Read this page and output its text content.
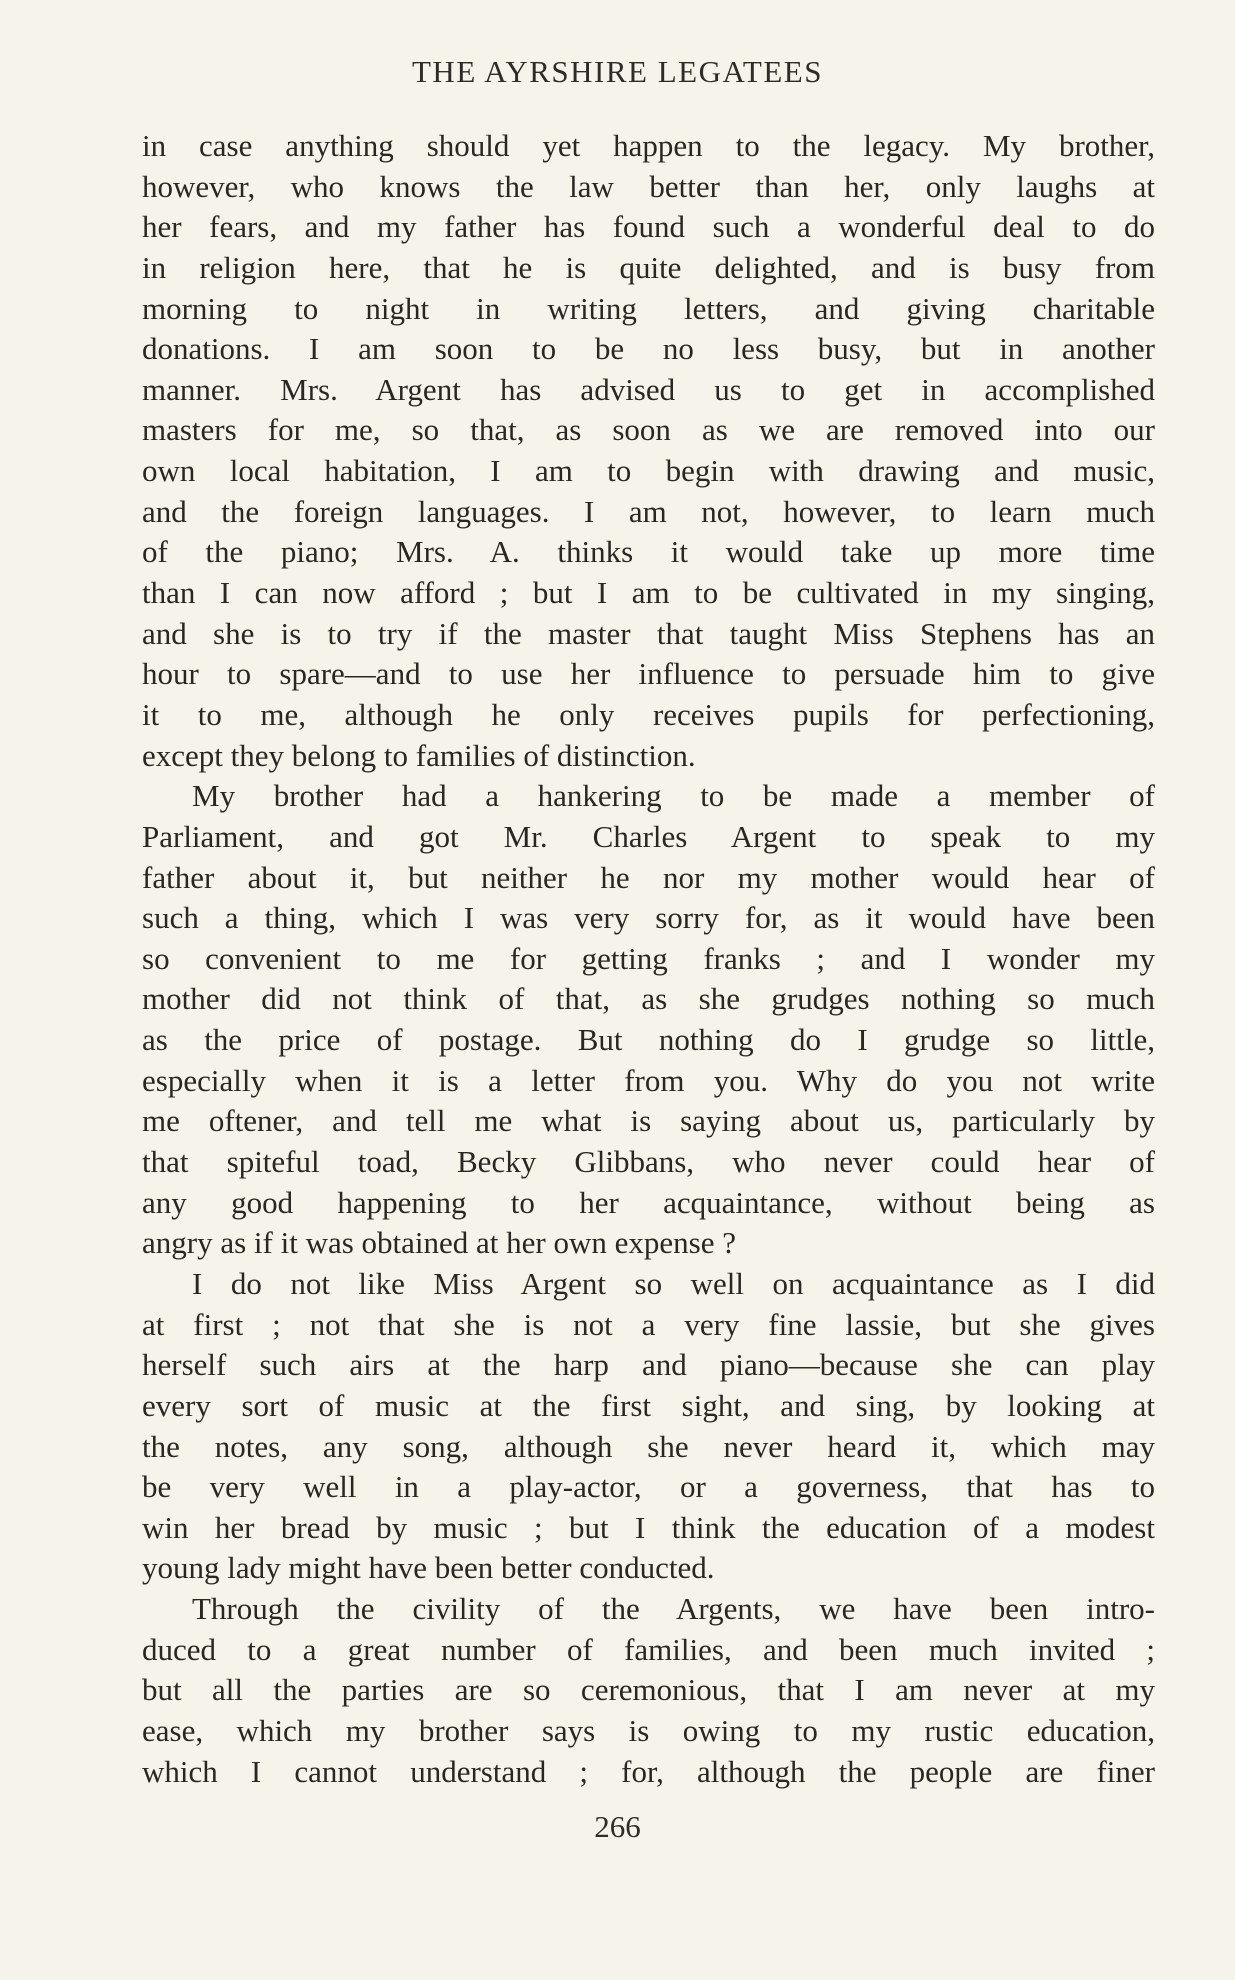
THE AYRSHIRE LEGATEES
in case anything should yet happen to the legacy. My brother,
however, who knows the law better than her, only laughs at
her fears, and my father has found such a wonderful deal to do
in religion here, that he is quite delighted, and is busy from
morning to night in writing letters, and giving charitable
donations. I am soon to be no less busy, but in another
manner. Mrs. Argent has advised us to get in accomplished
masters for me, so that, as soon as we are removed into our
own local habitation, I am to begin with drawing and music,
and the foreign languages. I am not, however, to learn much
of the piano; Mrs. A. thinks it would take up more time
than I can now afford ; but I am to be cultivated in my singing,
and she is to try if the master that taught Miss Stephens has an
hour to spare—and to use her influence to persuade him to give
it to me, although he only receives pupils for perfectioning,
except they belong to families of distinction.
My brother had a hankering to be made a member of
Parliament, and got Mr. Charles Argent to speak to my
father about it, but neither he nor my mother would hear of
such a thing, which I was very sorry for, as it would have been
so convenient to me for getting franks ; and I wonder my
mother did not think of that, as she grudges nothing so much
as the price of postage. But nothing do I grudge so little,
especially when it is a letter from you. Why do you not write
me oftener, and tell me what is saying about us, particularly by
that spiteful toad, Becky Glibbans, who never could hear of
any good happening to her acquaintance, without being as
angry as if it was obtained at her own expense ?
I do not like Miss Argent so well on acquaintance as I did
at first ; not that she is not a very fine lassie, but she gives
herself such airs at the harp and piano—because she can play
every sort of music at the first sight, and sing, by looking at
the notes, any song, although she never heard it, which may
be very well in a play-actor, or a governess, that has to
win her bread by music ; but I think the education of a modest
young lady might have been better conducted.
Through the civility of the Argents, we have been intro-
duced to a great number of families, and been much invited ;
but all the parties are so ceremonious, that I am never at my
ease, which my brother says is owing to my rustic education,
which I cannot understand ; for, although the people are finer
266
